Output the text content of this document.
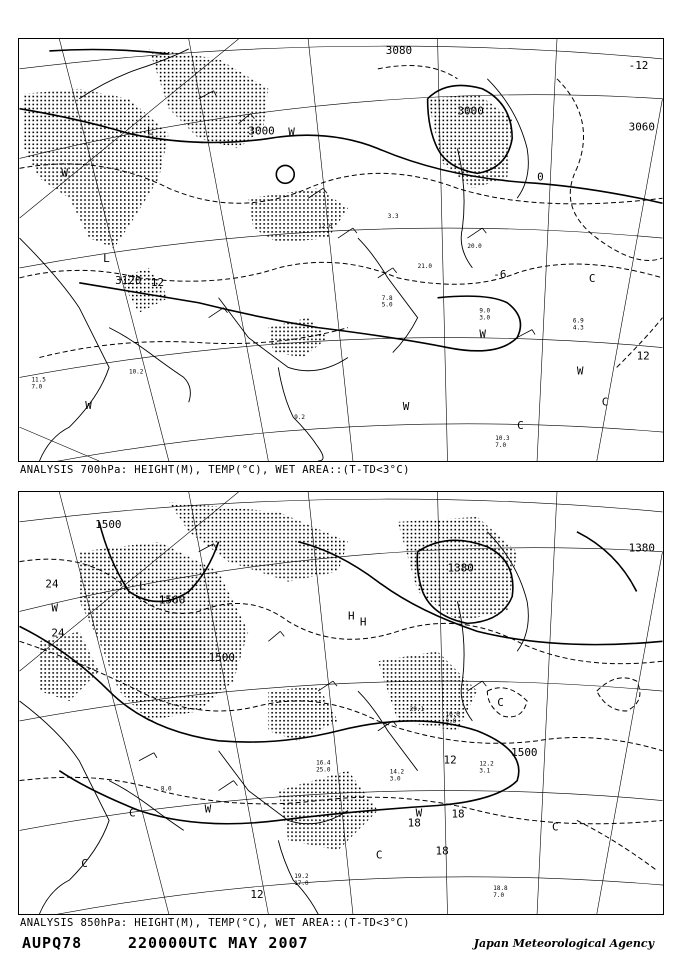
3000
3120
3000
3080
3060
0
12
-6
-12
12
L	W
W
W	W
W
C
C
C
W
L
10.3
7.0
6.9
4.3
9.0
3.0
7.8
5.0
11.5
7.0
10.2
21.0
3.3
20.0
9.2
12.0
ANALYSIS 700hPa: HEIGHT(M), TEMP(°C), WET AREA::(T-TD<3°C)
1500
1560
1380
1380
1500
1500
24
24
18
18
12
18
12
L
H
W
C
C
C
C
C
W
W
H
18.8
7.0
14.2
3.0
12.2
3.1
16.0
9.0
19.2
17.0
16.4
25.0
29.1
8.0
ANALYSIS 850hPa: HEIGHT(M), TEMP(°C), WET AREA::(T-TD<3°C)
AUPQ78	220000UTC MAY 2007	Japan Meteorological Agency
